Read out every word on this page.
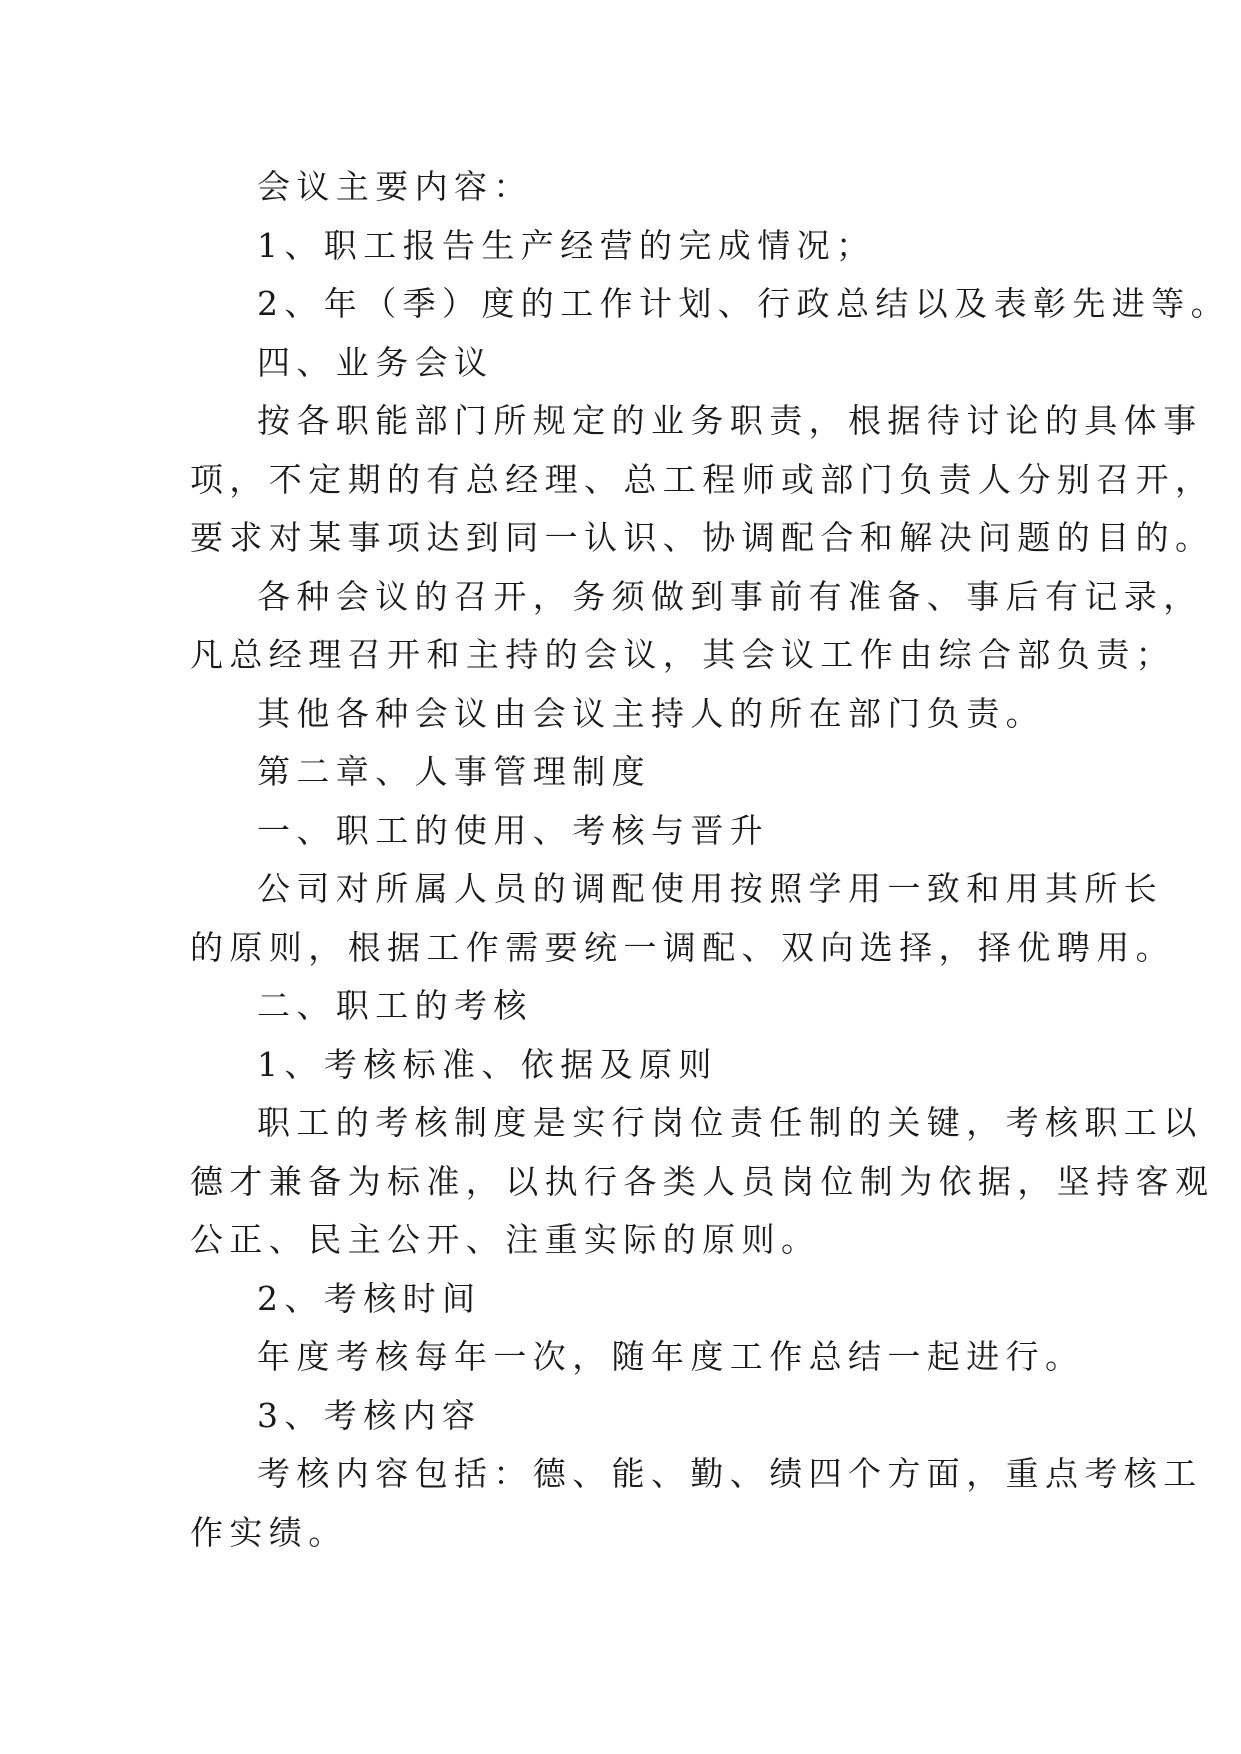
会议主要内容：
1、职工报告生产经营的完成情况；
2、年（季）度的工作计划、行政总结以及表彰先进等。
四、业务会议
按各职能部门所规定的业务职责，根据待讨论的具体事
项，不定期的有总经理、总工程师或部门负责人分别召开，
要求对某事项达到同一认识、协调配合和解决问题的目的。
各种会议的召开，务须做到事前有准备、事后有记录，
凡总经理召开和主持的会议，其会议工作由综合部负责；
其他各种会议由会议主持人的所在部门负责。
第二章、人事管理制度
一、职工的使用、考核与晋升
公司对所属人员的调配使用按照学用一致和用其所长
的原则，根据工作需要统一调配、双向选择，择优聘用。
二、职工的考核
1、考核标准、依据及原则
职工的考核制度是实行岗位责任制的关键，考核职工以
德才兼备为标准，以执行各类人员岗位制为依据，坚持客观
公正、民主公开、注重实际的原则。
2、考核时间
年度考核每年一次，随年度工作总结一起进行。
3、考核内容
考核内容包括：德、能、勤、绩四个方面，重点考核工
作实绩。
